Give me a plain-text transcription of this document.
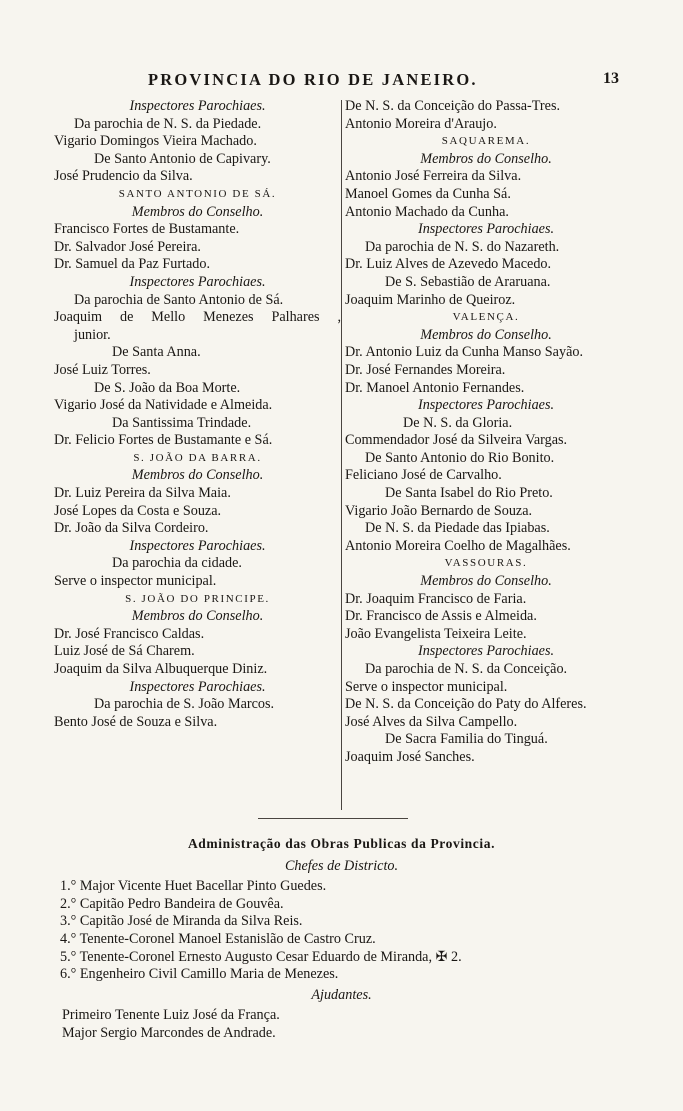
PROVINCIA DO RIO DE JANEIRO.	13
Inspectores Parochiaes.
Da parochia de N. S. da Piedade.
Vigario Domingos Vieira Machado.
De Santo Antonio de Capivary.
José Prudencio da Silva.
SANTO ANTONIO DE SÁ.
Membros do Conselho.
Francisco Fortes de Bustamante.
Dr. Salvador José Pereira.
Dr. Samuel da Paz Furtado.
Inspectores Parochiaes.
Da parochia de Santo Antonio de Sá.
Joaquim de Mello Menezes Palhares ,
junior.
De Santa Anna.
José Luiz Torres.
De S. João da Boa Morte.
Vigario José da Natividade e Almeida.
Da Santissima Trindade.
Dr. Felicio Fortes de Bustamante e Sá.
S. JOÃO DA BARRA.
Membros do Conselho.
Dr. Luiz Pereira da Silva Maia.
José Lopes da Costa e Souza.
Dr. João da Silva Cordeiro.
Inspectores Parochiaes.
Da parochia da cidade.
Serve o inspector municipal.
S. JOÃO DO PRINCIPE.
Membros do Conselho.
Dr. José Francisco Caldas.
Luiz José de Sá Charem.
Joaquim da Silva Albuquerque Diniz.
Inspectores Parochiaes.
Da parochia de S. João Marcos.
Bento José de Souza e Silva.
De N. S. da Conceição do Passa-Tres.
Antonio Moreira d'Araujo.
SAQUAREMA.
Membros do Conselho.
Antonio José Ferreira da Silva.
Manoel Gomes da Cunha Sá.
Antonio Machado da Cunha.
Inspectores Parochiaes.
Da parochia de N. S. do Nazareth.
Dr. Luiz Alves de Azevedo Macedo.
De S. Sebastião de Araruana.
Joaquim Marinho de Queiroz.
VALENÇA.
Membros do Conselho.
Dr. Antonio Luiz da Cunha Manso Sayão.
Dr. José Fernandes Moreira.
Dr. Manoel Antonio Fernandes.
Inspectores Parochiaes.
De N. S. da Gloria.
Commendador José da Silveira Vargas.
De Santo Antonio do Rio Bonito.
Feliciano José de Carvalho.
De Santa Isabel do Rio Preto.
Vigario João Bernardo de Souza.
De N. S. da Piedade das Ipiabas.
Antonio Moreira Coelho de Magalhães.
VASSOURAS.
Membros do Conselho.
Dr. Joaquim Francisco de Faria.
Dr. Francisco de Assis e Almeida.
João Evangelista Teixeira Leite.
Inspectores Parochiaes.
Da parochia de N. S. da Conceição.
Serve o inspector municipal.
De N. S. da Conceição do Paty do Alferes.
José Alves da Silva Campello.
De Sacra Familia do Tinguá.
Joaquim José Sanches.
Administração das Obras Publicas da Provincia.
Chefes de Districto.
1.° Major Vicente Huet Bacellar Pinto Guedes.
2.° Capitão Pedro Bandeira de Gouvêa.
3.° Capitão José de Miranda da Silva Reis.
4.° Tenente-Coronel Manoel Estanislão de Castro Cruz.
5.° Tenente-Coronel Ernesto Augusto Cesar Eduardo de Miranda, ✠ 2.
6.° Engenheiro Civil Camillo Maria de Menezes.
Ajudantes.
Primeiro Tenente Luiz José da França.
Major Sergio Marcondes de Andrade.
